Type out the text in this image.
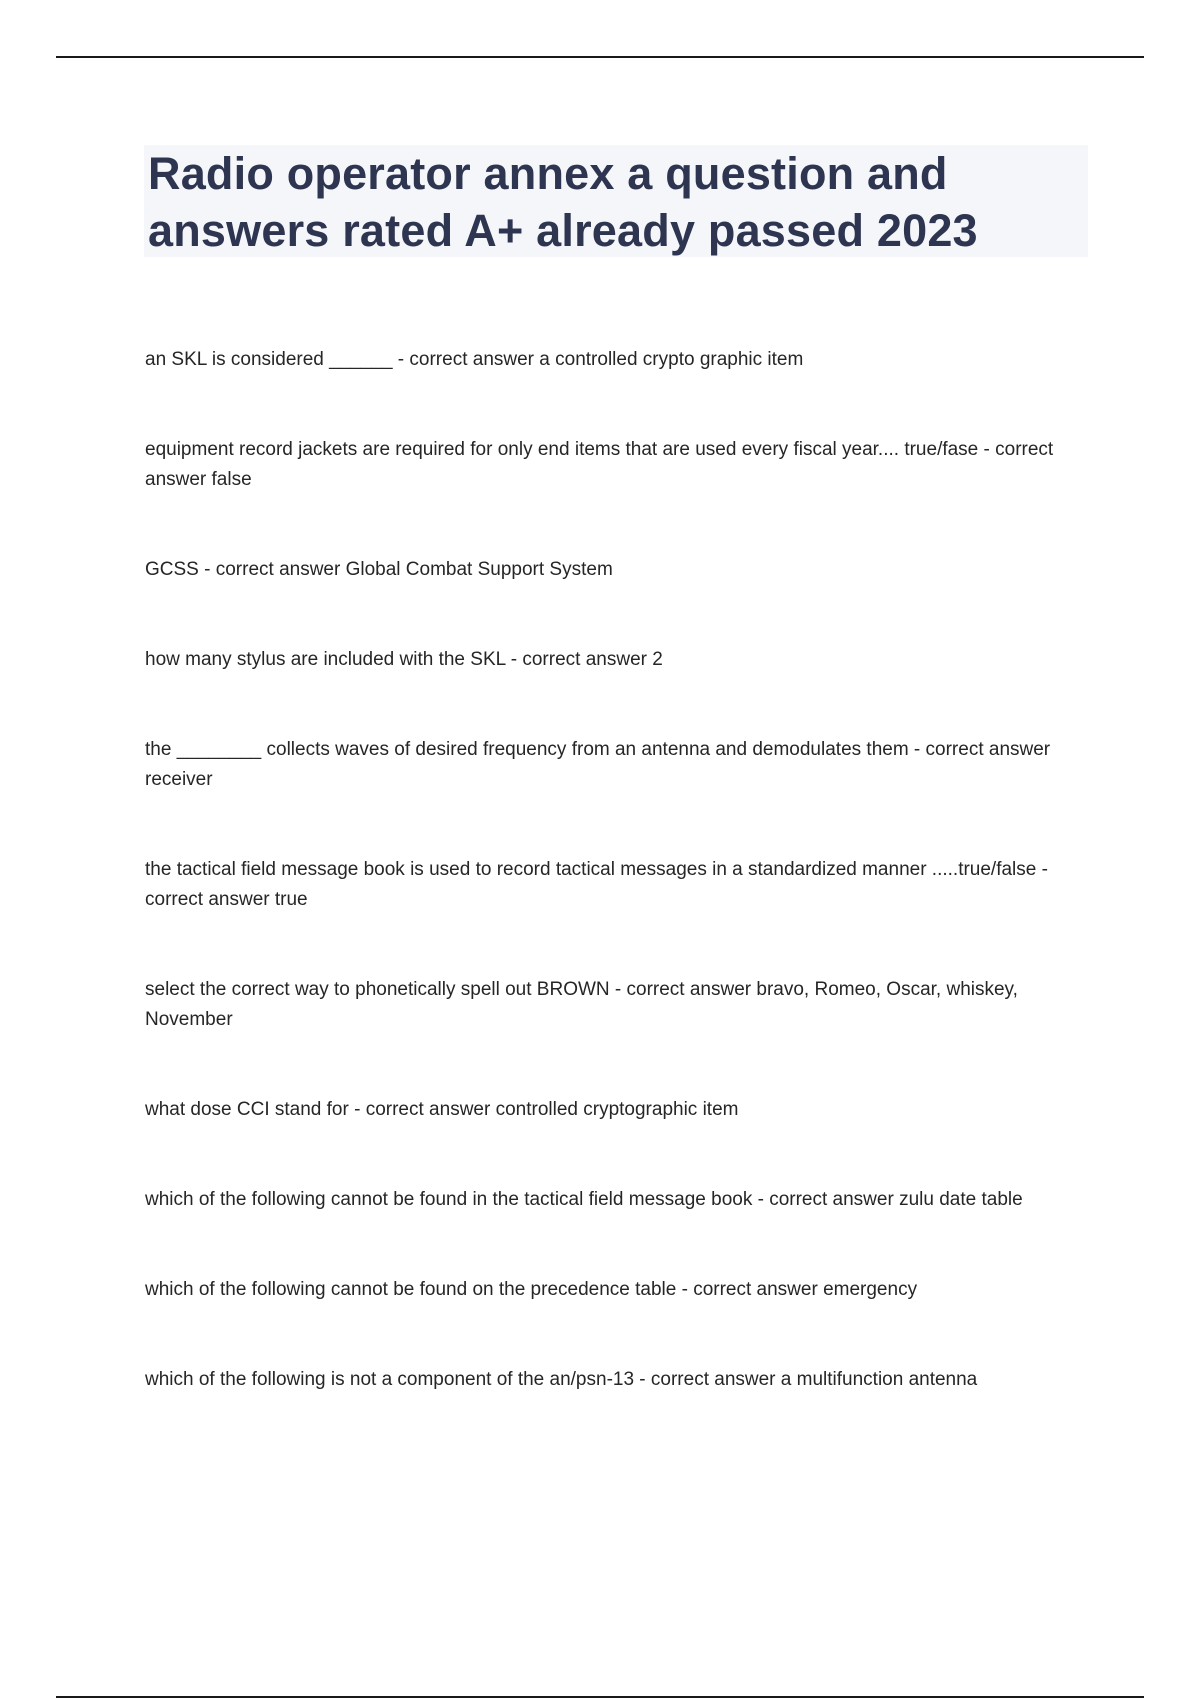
Radio operator annex a question and answers rated A+ already passed 2023

an SKL is considered ______ - correct answer a controlled crypto graphic item

equipment record jackets are required for only end items that are used every fiscal year.... true/fase - correct answer false

GCSS - correct answer Global Combat Support System

how many stylus are included with the SKL - correct answer 2

the ________ collects waves of desired frequency from an antenna and demodulates them - correct answer receiver

the tactical field message book is used to record tactical messages in a standardized manner .....true/false - correct answer true

select the correct way to phonetically spell out BROWN - correct answer bravo, Romeo, Oscar, whiskey, November

what dose CCI stand for - correct answer controlled cryptographic item

which of the following cannot be found in the tactical field message book - correct answer zulu date table

which of the following cannot be found on the precedence table - correct answer emergency

which of the following is not a component of the an/psn-13 - correct answer a multifunction antenna
